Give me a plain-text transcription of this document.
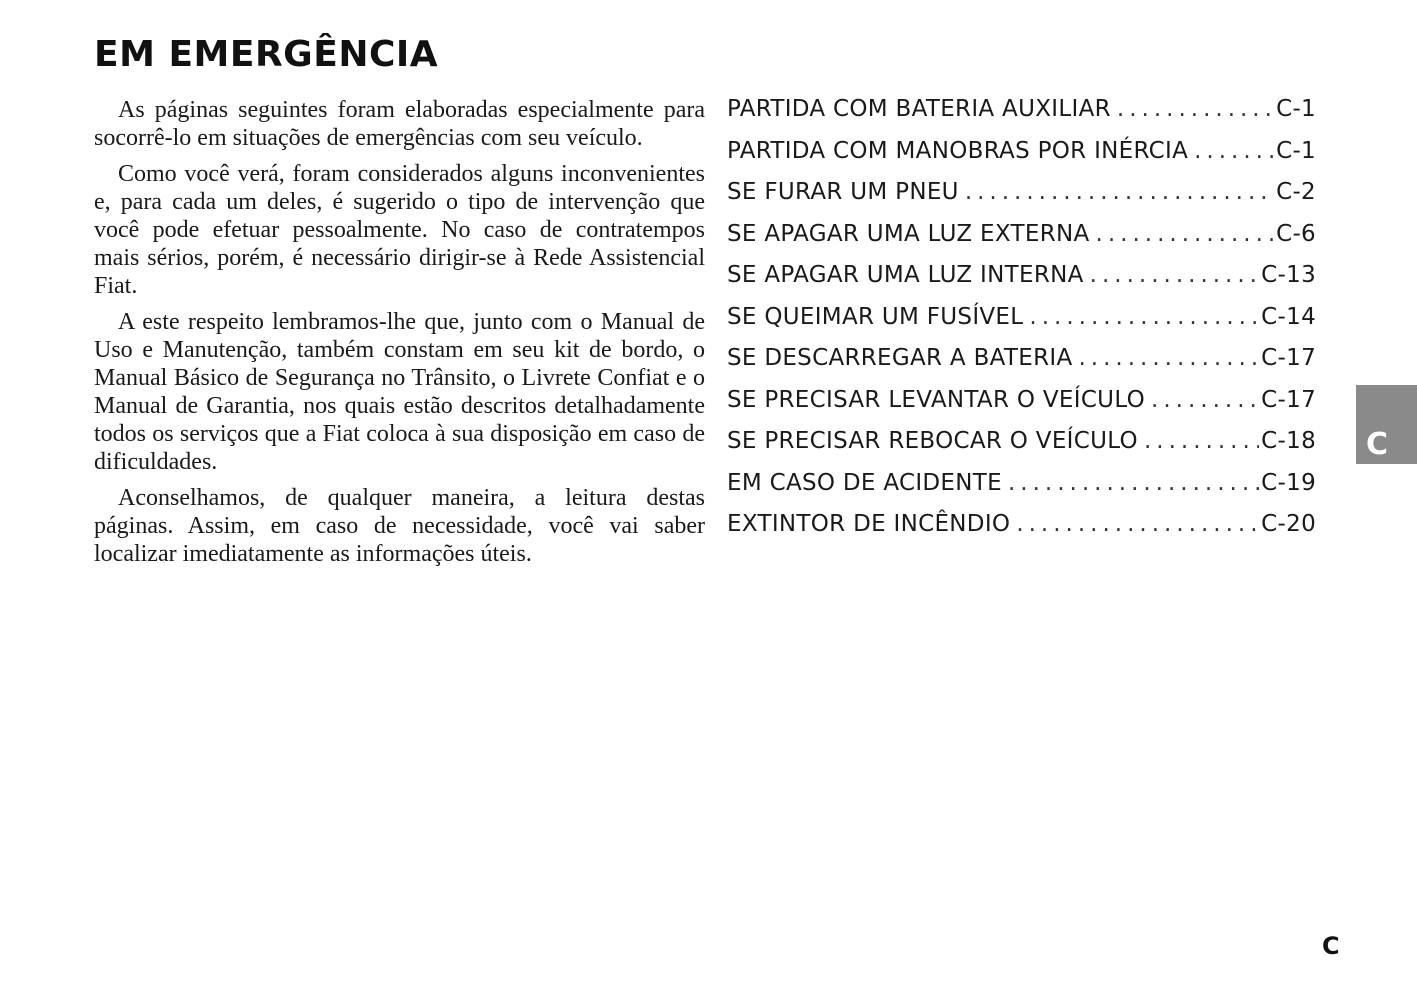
EM EMERGÊNCIA

As páginas seguintes foram elaboradas especialmente para socorrê-lo em situações de emergências com seu veículo.

Como você verá, foram considerados alguns inconvenientes e, para cada um deles, é sugerido o tipo de intervenção que você pode efetuar pessoalmente. No caso de contratempos mais sérios, porém, é necessário dirigir-se à Rede Assistencial Fiat.

A este respeito lembramos-lhe que, junto com o Manual de Uso e Manutenção, também constam em seu kit de bordo, o Manual Básico de Segurança no Trânsito, o Livrete Confiat e o Manual de Garantia, nos quais estão descritos detalhadamente todos os serviços que a Fiat coloca à sua disposição em caso de dificuldades.

Aconselhamos, de qualquer maneira, a leitura destas páginas. Assim, em caso de necessidade, você vai saber localizar imediatamente as informações úteis.

PARTIDA COM BATERIA AUXILIAR .....	C-1
PARTIDA COM MANOBRAS POR INÉRCIA .....	C-1
SE FURAR UM PNEU .....	C-2
SE APAGAR UMA LUZ EXTERNA .....	C-6
SE APAGAR UMA LUZ INTERNA .....	C-13
SE QUEIMAR UM FUSÍVEL .....	C-14
SE DESCARREGAR A BATERIA .....	C-17
SE PRECISAR LEVANTAR O VEÍCULO .....	C-17
SE PRECISAR REBOCAR O VEÍCULO .....	C-18
EM CASO DE ACIDENTE .....	C-19
EXTINTOR DE INCÊNDIO .....	C-20
C
C
